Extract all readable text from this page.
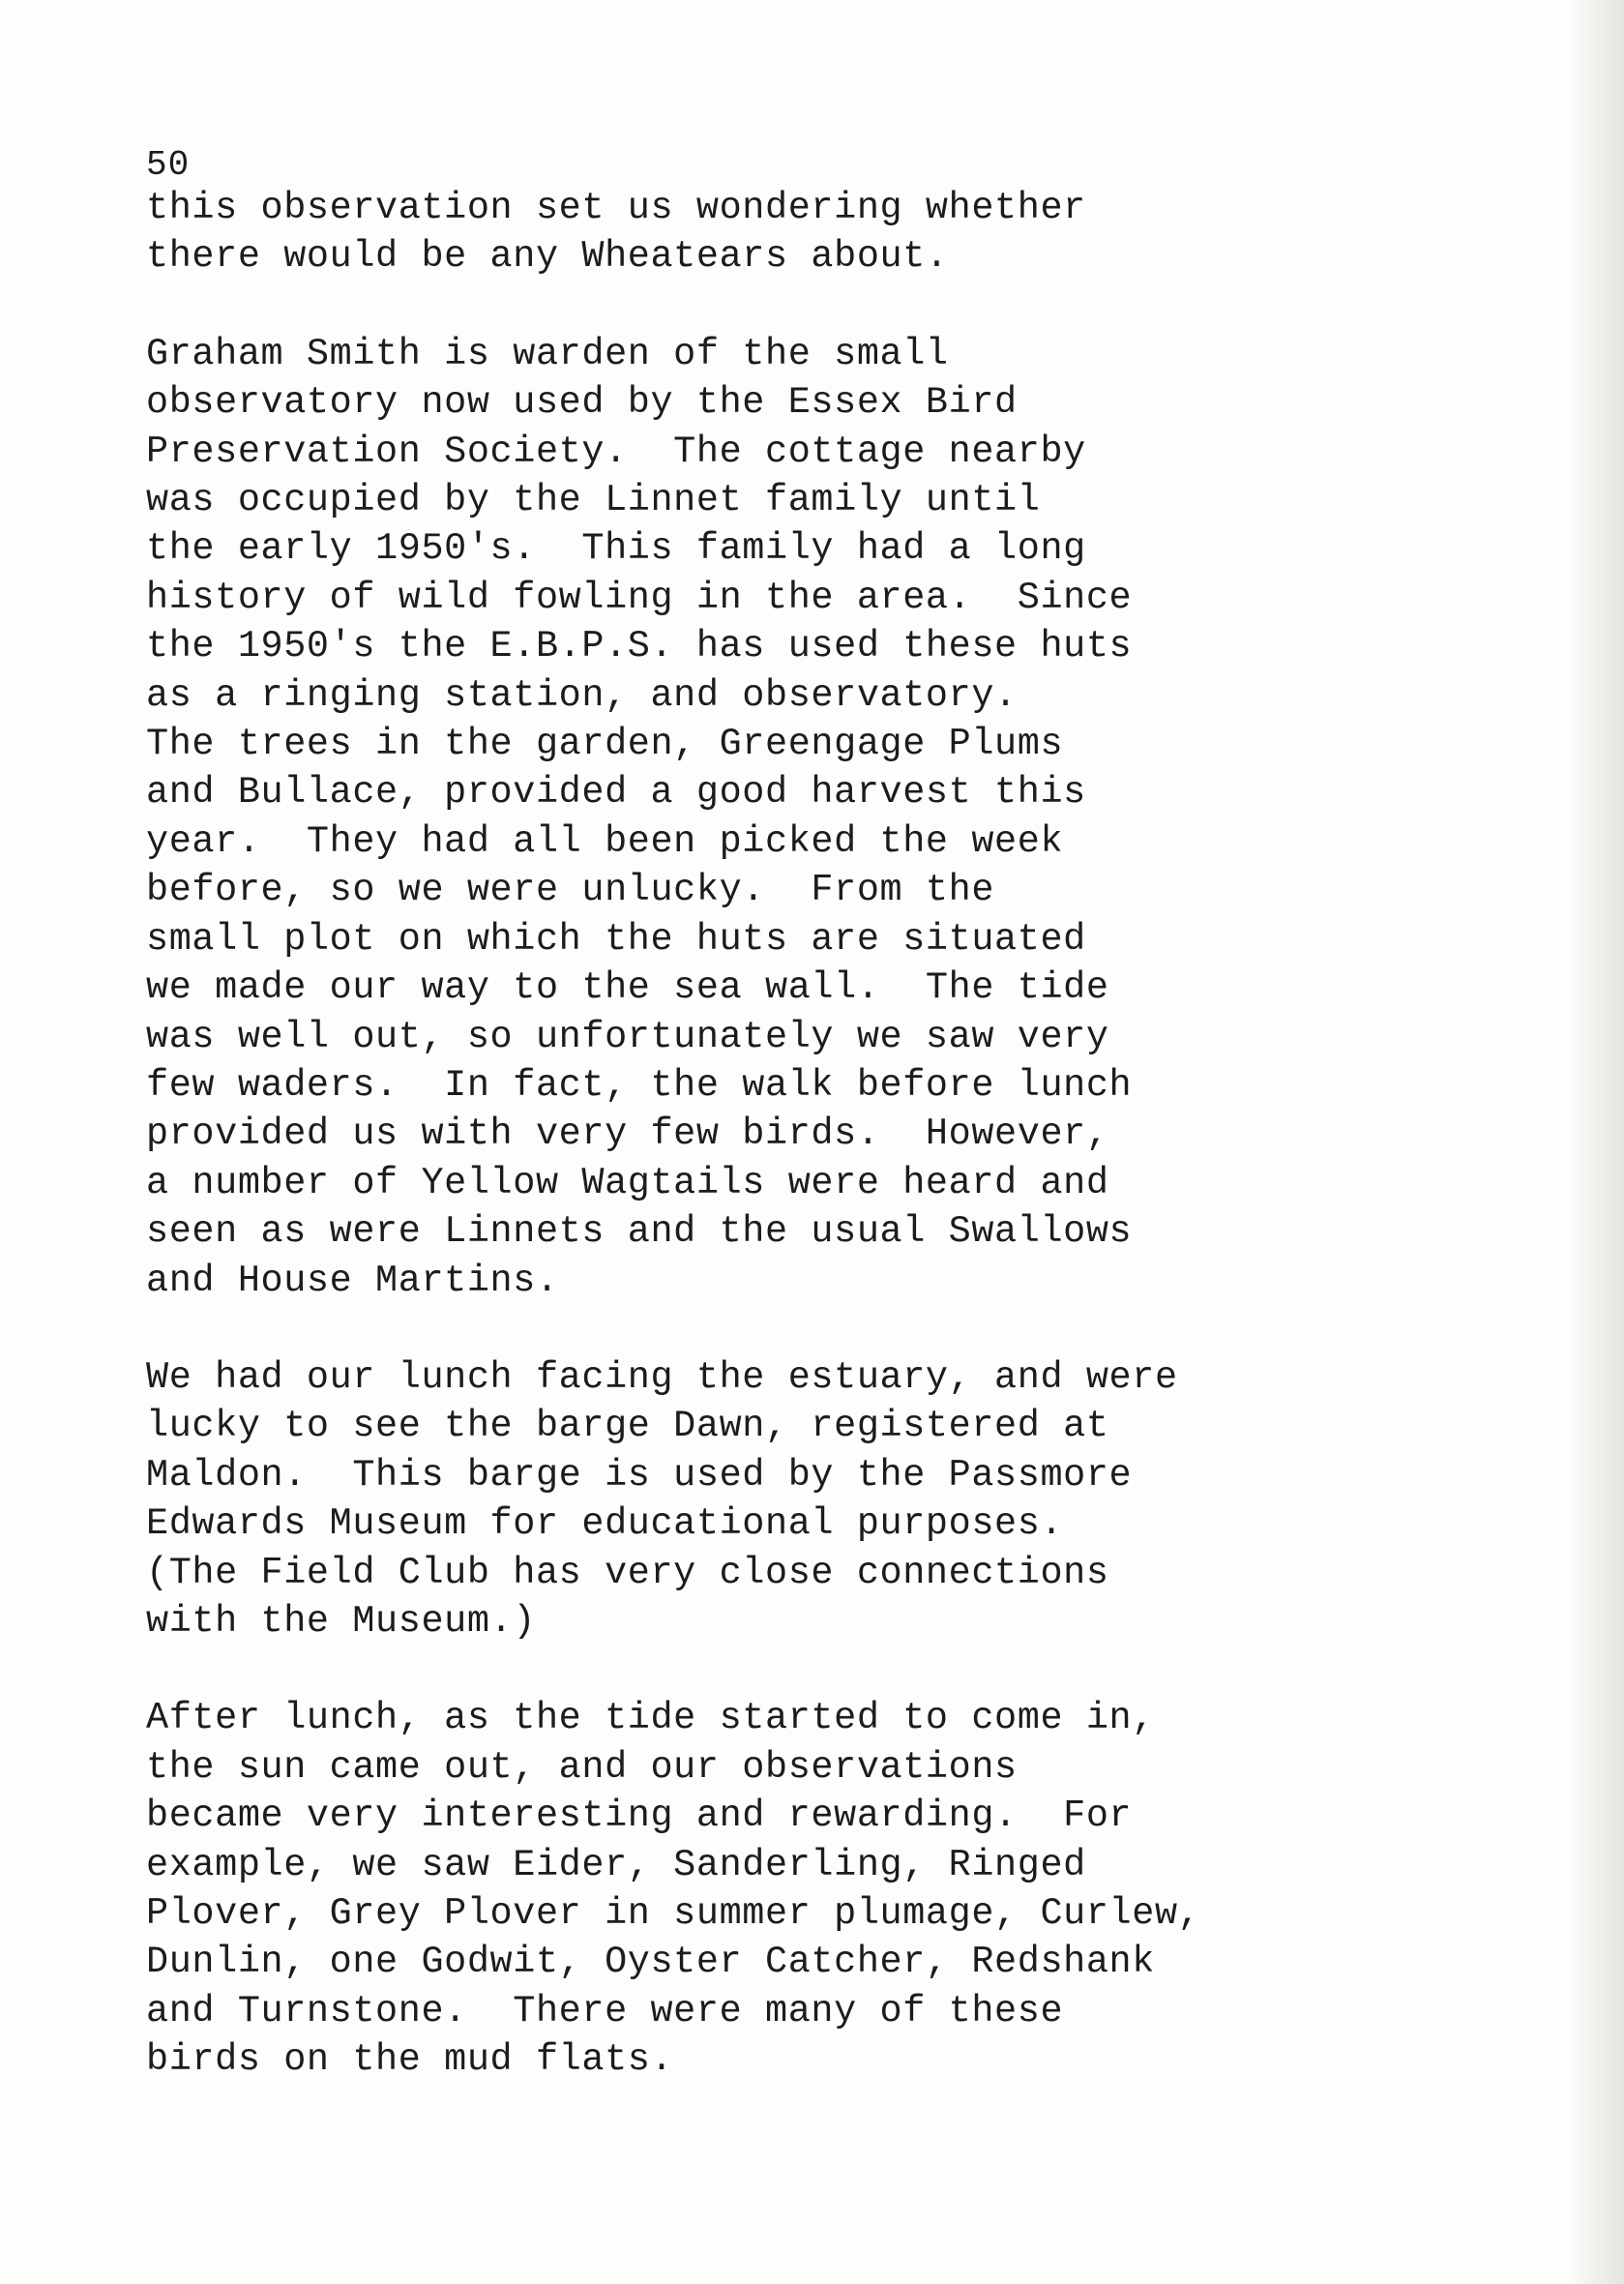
50
this observation set us wondering whether
there would be any Wheatears about.
Graham Smith is warden of the small
observatory now used by the Essex Bird
Preservation Society.  The cottage nearby
was occupied by the Linnet family until
the early 1950's.  This family had a long
history of wild fowling in the area.  Since
the 1950's the E.B.P.S. has used these huts
as a ringing station, and observatory.
The trees in the garden, Greengage Plums
and Bullace, provided a good harvest this
year.  They had all been picked the week
before, so we were unlucky.  From the
small plot on which the huts are situated
we made our way to the sea wall.  The tide
was well out, so unfortunately we saw very
few waders.  In fact, the walk before lunch
provided us with very few birds.  However,
a number of Yellow Wagtails were heard and
seen as were Linnets and the usual Swallows
and House Martins.
We had our lunch facing the estuary, and were
lucky to see the barge Dawn, registered at
Maldon.  This barge is used by the Passmore
Edwards Museum for educational purposes.
(The Field Club has very close connections
with the Museum.)
After lunch, as the tide started to come in,
the sun came out, and our observations
became very interesting and rewarding.  For
example, we saw Eider, Sanderling, Ringed
Plover, Grey Plover in summer plumage, Curlew,
Dunlin, one Godwit, Oyster Catcher, Redshank
and Turnstone.  There were many of these
birds on the mud flats.
